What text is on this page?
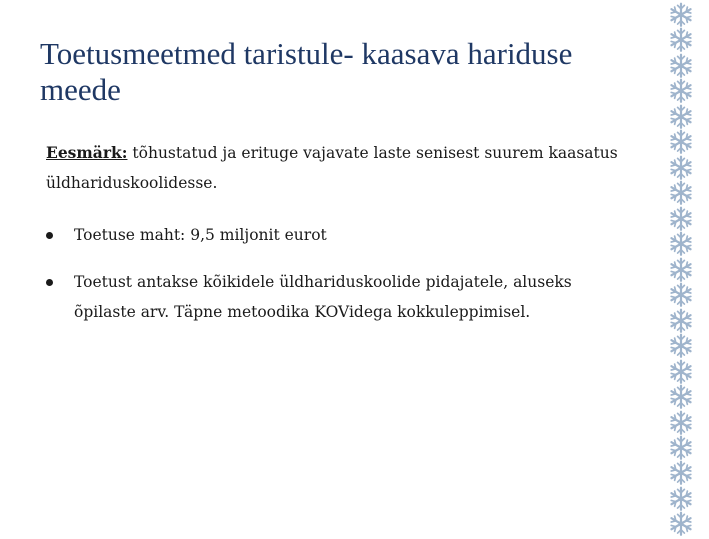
Toetusmeetmed taristule- kaasava hariduse meede

Eesmärk: tõhustatud ja erituge vajavate laste senisest suurem kaasatus üldhariduskoolidesse.

Toetuse maht: 9,5 miljonit eurot
Toetust antakse kõikidele üldhariduskoolide pidajatele, aluseks õpilaste arv. Täpne metoodika KOVidega kokkuleppimisel.
